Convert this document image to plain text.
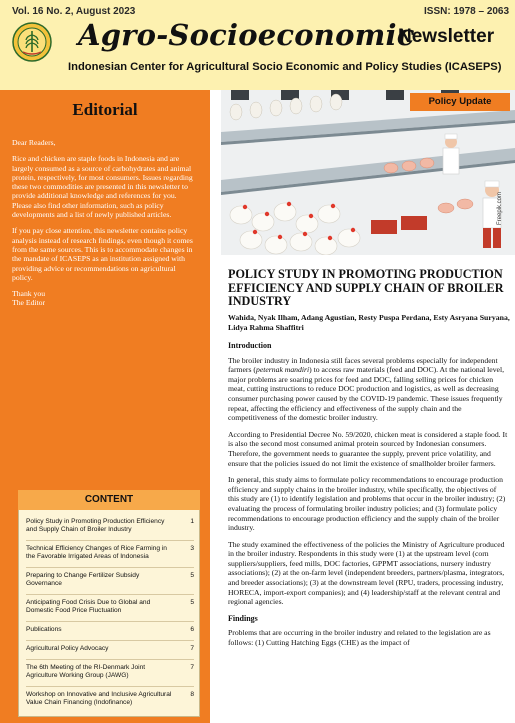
Vol. 16 No. 2, August 2023	ISSN: 1978 – 2063
Agro-Socioeconomic
Newsletter
Indonesian Center for Agricultural Socio Economic and Policy Studies (ICASEPS)
Editorial

Dear Readers,

Rice and chicken are staple foods in Indonesia and are largely consumed as a source of carbohydrates and animal protein, respectively, for most consumers. Issues regarding these two commodities are presented in this newsletter to provide additional knowledge and references for you. Please also find other information, such as policy developments and a list of newly published articles.

If you pay close attention, this newsletter contains policy analysis instead of research findings, even though it comes from the same sources. This is to accommodate changes in the mandate of ICASEPS as an institution assigned with providing advice or recommendations on agricultural policy.

Thank you
The Editor
CONTENT
Policy Study in Promoting Production Efficiency and Supply Chain of Broiler Industry
1
Technical Efficiency Changes of Rice Farming in the Favorable Irrigated Areas of Indonesia
3
Preparing to Change Fertilizer Subsidy Governance
5
Anticipating Food Crisis Due to Global and Domestic Food Price Fluctuation
5
Publications	6
Agricultural Policy Advocacy	7
The 6th Meeting of the RI-Denmark Joint Agriculture Working Group (JAWG)
7
Workshop on Innovative and Inclusive Agricultural Value Chain Financing (Indofinance)
8
Policy Update
Freepik.com
POLICY STUDY IN PROMOTING PRODUCTION EFFICIENCY AND SUPPLY CHAIN OF BROILER INDUSTRY
Wahida, Nyak Ilham, Adang Agustian, Resty Puspa Perdana, Esty Asryana Suryana, Lidya Rahma Shaffitri
Introduction

The broiler industry in Indonesia still faces several problems especially for independent farmers (peternak mandiri) to access raw materials (feed and DOC). At the national level, major problems are soaring prices for feed and DOC, falling selling prices for chicken meat, cutting instructions to reduce DOC production and logistics, as well as decreasing consumer purchasing power caused by the COVID-19 pandemic. These issues frequently repeat, affecting the efficiency and effectiveness of the supply chain and the competitiveness of the domestic broiler industry.

According to Presidential Decree No. 59/2020, chicken meat is considered a staple food. It is also the second most consumed animal protein sourced by Indonesian consumers. Therefore, the government needs to guarantee the supply, prevent price volatility, and ensure that the policies issued do not limit the existence of smallholder broiler farmers.

In general, this study aims to formulate policy recommendations to encourage production efficiency and supply chains in the broiler industry, while specifically, the objectives of this study are (1) to identify legislation and problems that occur in the broiler industry; (2) evaluating the process of formulating broiler industry policies; and (3) formulate policy recommendations to encourage production efficiency and the supply chain of the broiler industry.

The study examined the effectiveness of the policies the Ministry of Agriculture produced in the broiler industry. Respondents in this study were (1) at the upstream level (corn suppliers/suppliers, feed mills, DOC factories, GPPMT associations, nursery industry associations); (2) at the on-farm level (independent breeders, partners/plasma, integrators, and breeder associations); (3) at the downstream level (RPU, traders, processing industry, HORECA, import-export companies); and (4) leadership/staff at the relevant central and regional agencies.

Findings

Problems that are occurring in the broiler industry and related to the legislation are as follows: (1) Cutting Hatching Eggs (CHE) as the impact of
